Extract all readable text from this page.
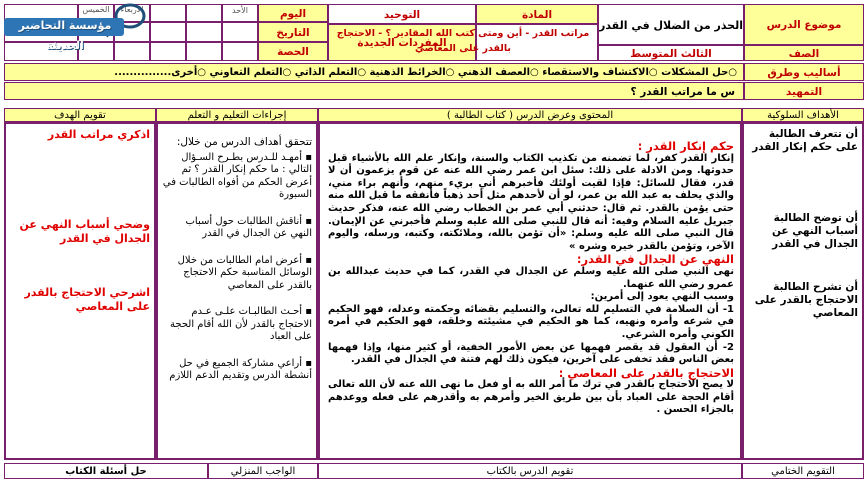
موضوع الدرس
الحذر من الضلال في القدر
المادة
التوحيد
اليوم
التاريخ
الحصة
الأحد
الأربعاء
الخميس
مؤسسة التحاضير الحديثة	المفردات الجديدة
مراتب القدر - أين ومتى كتب الله المقادير ؟ - الاحتجاج بالقدر على المعاصي	الصف
الثالث المتوسط
أساليب وطرق
○حل المشكلات ○الاكتشاف والاستقصاء ○العصف الذهني ○الخرائط الذهنية ○التعلم الذاتي ○التعلم التعاوني ○أخرى...............
التمهيد
س ما مراتب القدر ؟
الأهداف السلوكية
المحتوى وعرض الدرس ( كتاب الطالبة )
إجراءات التعليم و التعلم
تقويم الهدف
أن تتعرف الطالبة على حكم إنكار القدر
أن توضح الطالبة أسباب النهي عن الجدال في القدر
أن تشرح الطالبة الاحتجاج بالقدر على المعاصي
حكم إنكار القدر :
إنكار القدر كفر، لما تضمنه من تكذيب الكتاب والسنة، وإنكار علم الله بالأشياء قبل حدوثها. ومن الادلة على ذلك: سئل ابن عمر رضي الله عنه عن قوم يزعمون أن لا قدر، فقال للسائل: فإذا لقيت أولئك فأخبرهم أني بريء منهم، وأنهم براء مني، والذي يحلف به عبد الله بن عمر، لو أن لأحدهم مثل أحد ذهباً فأنفقه ما قبل الله منه حتى يؤمن بالقدر. ثم قال: حدثني أبي عمر بن الخطاب رضي الله عنه، فذكر حديث جبريل عليه السلام وفيه: أنه قال للنبي صلى الله عليه وسلم فأخبرني عن الإيمان. قال النبي صلى الله عليه وسلم: «أن تؤمن بالله، وملائكته، وكتبه، ورسله، واليوم الآخر، وتؤمن بالقدر خيره وشره »
النهي عن الجدال في القدر:
نهى النبي صلى الله عليه وسلم عن الجدال في القدر، كما في حديث عبدالله بن عمرو رضي الله عنهما.
وسبب النهي يعود إلى أمرين:
1- أن السلامة في التسليم لله تعالى، والتسليم بقضائه وحكمته وعدله، فهو الحكيم في شرعه وأمره ونهيه، كما هو الحكيم في مشيئته وخلقه، فهو الحكيم في أمره الكوني وأمره الشرعي.
2- أن العقول قد يقصر فهمها عن بعض الأمور الخفية، أو كثير منها، وإذا فهمها بعض الناس فقد تخفى على آخرين، فيكون ذلك لهم فتنة في الجدال في القدر.
الاحتجاج بالقدر على المعاصي :
لا يصح الاحتجاج بالقدر في ترك ما أمر الله به أو فعل ما نهى الله عنه لأن الله تعالى أقام الحجة على العباد بأن بين طريق الخير وأمرهم به وأقدرهم على فعله ووعدهم بالجزاء الحسن .

تتحقق أهداف الدرس من خلال:

▪ أمهـد للـدرس بطـرح السـؤال التالي : ما حكم إنكار القدر ؟ ثم أعرض الحكم من أفواه الطالبات في السبورة

▪ أناقش الطالبات حول أسباب النهي عن الجدال في القدر

▪ أعرض امام الطالبات من خلال الوسائل المناسبة حكم الاحتجاج بالقدر على المعاصي

▪ أحـث الطالبـات علـى عـدم الاحتجاج بالقدر لأن الله أقام الحجة على العباد

▪ أراعي مشاركة الجميع في حل أنشطة الدرس وتقديم الدعم اللازم

اذكري مراتب القدر
وضحي أسباب النهي عن الجدال في القدر
اشرحي الاحتجاج بالقدر على المعاصي
التقويم الختامي
تقويم الدرس بالكتاب
الواجب المنزلي
حل أسئلة الكتاب
